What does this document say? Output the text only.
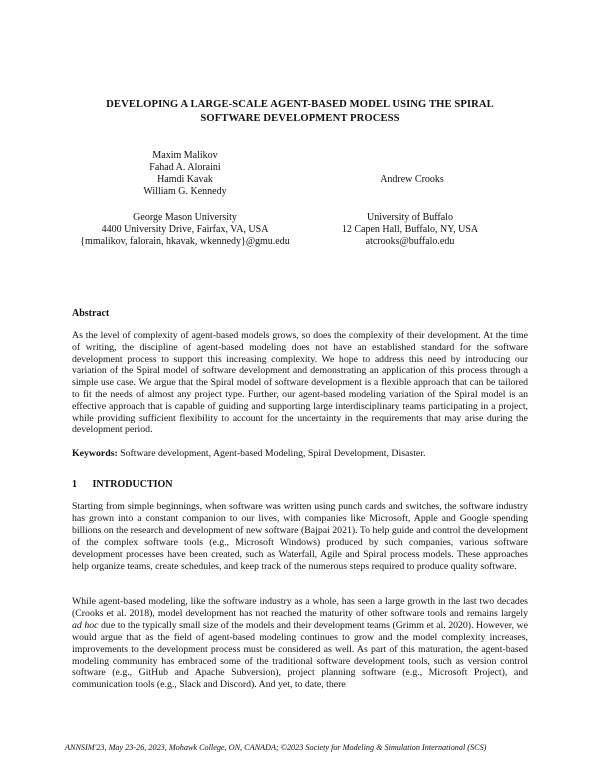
DEVELOPING A LARGE-SCALE AGENT-BASED MODEL USING THE SPIRAL
SOFTWARE DEVELOPMENT PROCESS
Maxim Malikov
Fahad A. Aloraini
Hamdi Kavak
William G. Kennedy
Andrew Crooks
George Mason University
4400 University Drive, Fairfax, VA, USA
{mmalikov, falorain, hkavak, wkennedy}@gmu.edu
University of Buffalo
12 Capen Hall, Buffalo, NY, USA
atcrooks@buffalo.edu
Abstract
As the level of complexity of agent-based models grows, so does the complexity of their development. At the time of writing, the discipline of agent-based modeling does not have an established standard for the software development process to support this increasing complexity. We hope to address this need by introducing our variation of the Spiral model of software development and demonstrating an application of this process through a simple use case. We argue that the Spiral model of software development is a flexible approach that can be tailored to fit the needs of almost any project type. Further, our agent-based modeling variation of the Spiral model is an effective approach that is capable of guiding and supporting large interdisciplinary teams participating in a project, while providing sufficient flexibility to account for the uncertainty in the requirements that may arise during the development period.
Keywords: Software development, Agent-based Modeling, Spiral Development, Disaster.
1 INTRODUCTION
Starting from simple beginnings, when software was written using punch cards and switches, the software industry has grown into a constant companion to our lives, with companies like Microsoft, Apple and Google spending billions on the research and development of new software (Bajpai 2021). To help guide and control the development of the complex software tools (e.g., Microsoft Windows) produced by such companies, various software development processes have been created, such as Waterfall, Agile and Spiral process models. These approaches help organize teams, create schedules, and keep track of the numerous steps required to produce quality software.
While agent-based modeling, like the software industry as a whole, has seen a large growth in the last two decades (Crooks et al. 2018), model development has not reached the maturity of other software tools and remains largely ad hoc due to the typically small size of the models and their development teams (Grimm et al. 2020). However, we would argue that as the field of agent-based modeling continues to grow and the model complexity increases, improvements to the development process must be considered as well. As part of this maturation, the agent-based modeling community has embraced some of the traditional software development tools, such as version control software (e.g., GitHub and Apache Subversion), project planning software (e.g., Microsoft Project), and communication tools (e.g., Slack and Discord). And yet, to date, there
ANNSIM'23, May 23-26, 2023, Mohawk College, ON, CANADA; ©2023 Society for Modeling & Simulation International (SCS)
